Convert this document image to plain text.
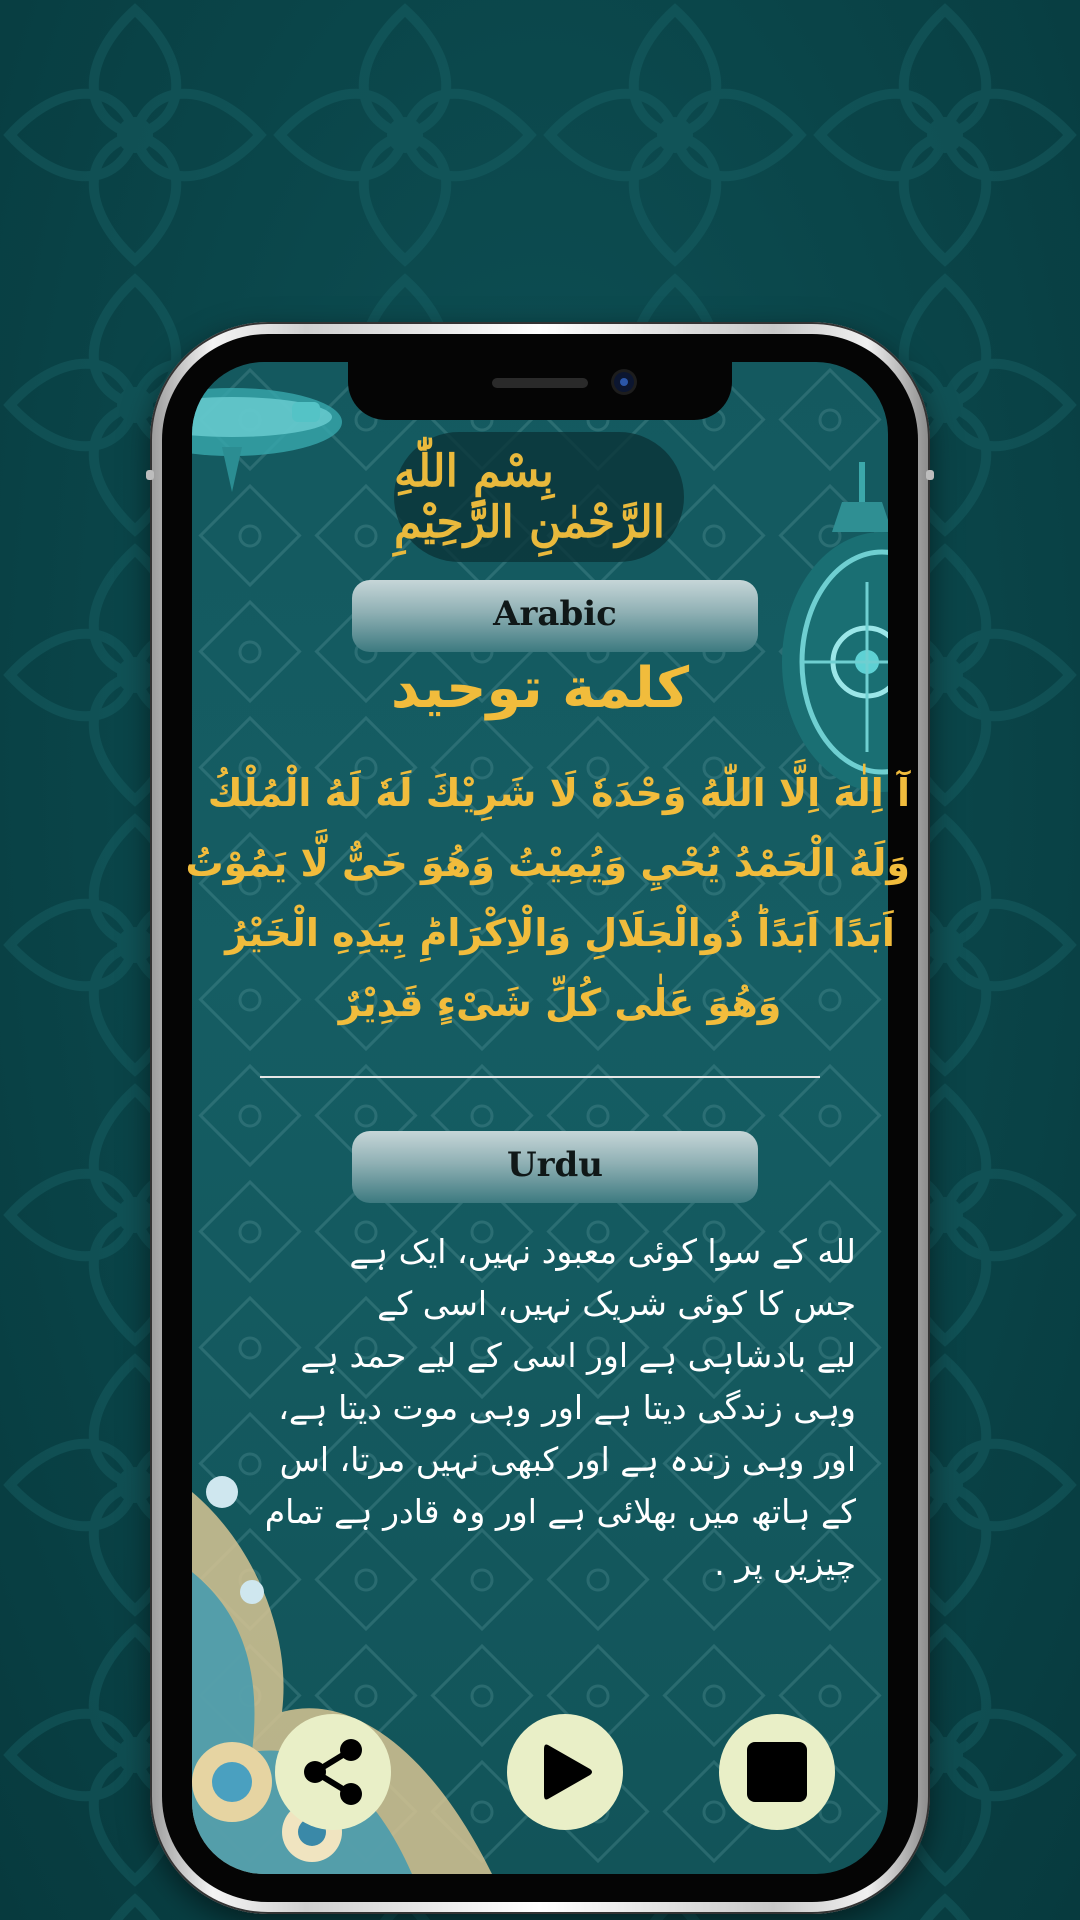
بِسْمِ اللّٰهِ الرَّحْمٰنِ الرَّحِيْمِ
Arabic
كلمة توحيد
آ اِلٰهَ اِلَّا اللّٰهُ وَحْدَهٗ لَا شَرِيْكَ لَهٗ لَهُ الْمُلْكُ
وَلَهُ الْحَمْدُ يُحْيِ وَيُمِيْتُ وَهُوَ حَىٌّ لَّا يَمُوْتُ
اَبَدًا اَبَدًاؕ ذُوالْجَلَالِ وَالْاِكْرَامِؕ بِيَدِهِ الْخَيْرُ
وَهُوَ عَلٰى كُلِّ شَىْءٍ قَدِيْرٌ
Urdu
لله کے سوا کوئی معبود نہیں، ایک ہے
جس کا کوئی شریک نہیں، اسی کے
لیے بادشاہی ہے اور اسی کے لیے حمد ہے
وہی زندگی دیتا ہے اور وہی موت دیتا ہے،
اور وہی زندہ ہے اور کبھی نہیں مرتا، اس
کے ہاتھ میں بھلائی ہے اور وہ قادر ہے تمام
چیزیں پر .
